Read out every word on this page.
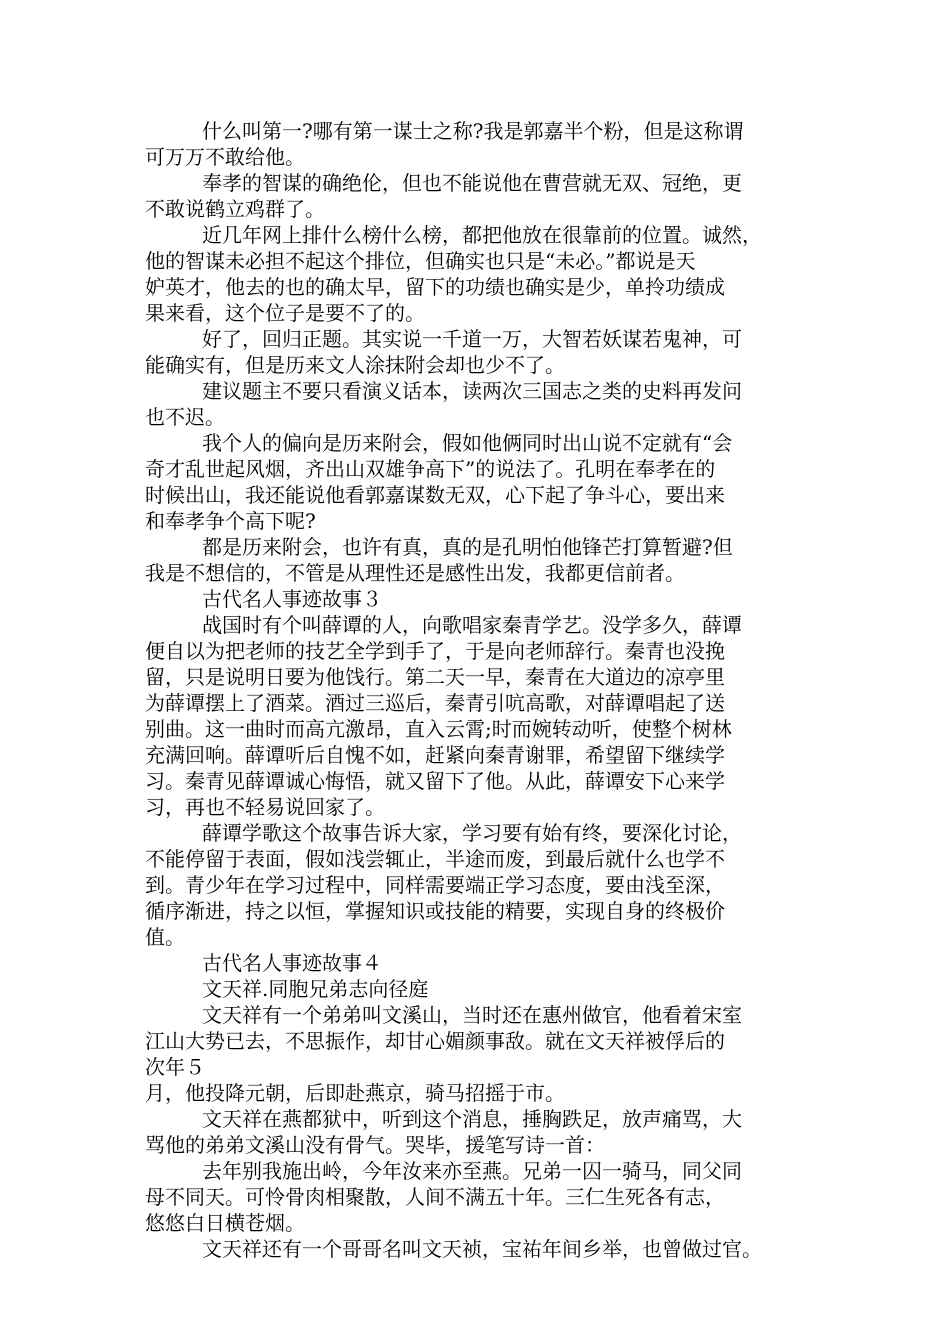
什么叫第一?哪有第一谋士之称?我是郭嘉半个粉，但是这称谓
可万万不敢给他。
奉孝的智谋的确绝伦，但也不能说他在曹营就无双、冠绝，更
不敢说鹤立鸡群了。
近几年网上排什么榜什么榜，都把他放在很靠前的位置。诚然，
他的智谋未必担不起这个排位，但确实也只是“未必。”都说是天
妒英才，他去的也的确太早，留下的功绩也确实是少，单拎功绩成
果来看，这个位子是要不了的。
好了，回归正题。其实说一千道一万，大智若妖谋若鬼神，可
能确实有，但是历来文人涂抹附会却也少不了。
建议题主不要只看演义话本，读两次三国志之类的史料再发问
也不迟。
我个人的偏向是历来附会，假如他俩同时出山说不定就有“会
奇才乱世起风烟，齐出山双雄争高下”的说法了。孔明在奉孝在的
时候出山，我还能说他看郭嘉谋数无双，心下起了争斗心，要出来
和奉孝争个高下呢?
都是历来附会，也许有真，真的是孔明怕他锋芒打算暂避?但
我是不想信的，不管是从理性还是感性出发，我都更信前者。
古代名人事迹故事３
战国时有个叫薛谭的人，向歌唱家秦青学艺。没学多久，薛谭
便自以为把老师的技艺全学到手了，于是向老师辞行。秦青也没挽
留，只是说明日要为他饯行。第二天一早，秦青在大道边的凉亭里
为薛谭摆上了酒菜。酒过三巡后，秦青引吭高歌，对薛谭唱起了送
别曲。这一曲时而高亢激昂，直入云霄;时而婉转动听，使整个树林
充满回响。薛谭听后自愧不如，赶紧向秦青谢罪，希望留下继续学
习。秦青见薛谭诚心悔悟，就又留下了他。从此，薛谭安下心来学
习，再也不轻易说回家了。
薛谭学歌这个故事告诉大家，学习要有始有终，要深化讨论，
不能停留于表面，假如浅尝辄止，半途而废，到最后就什么也学不
到。青少年在学习过程中，同样需要端正学习态度，要由浅至深，
循序渐进，持之以恒，掌握知识或技能的精要，实现自身的终极价
值。
古代名人事迹故事４
文天祥.同胞兄弟志向径庭
文天祥有一个弟弟叫文溪山，当时还在惠州做官，他看着宋室
江山大势已去，不思振作，却甘心媚颜事敌。就在文天祥被俘后的
次年５
月，他投降元朝，后即赴燕京，骑马招摇于市。
文天祥在燕都狱中，听到这个消息，捶胸跌足，放声痛骂，大
骂他的弟弟文溪山没有骨气。哭毕，援笔写诗一首：
去年别我施出岭，今年汝来亦至燕。兄弟一囚一骑马，同父同
母不同天。可怜骨肉相聚散，人间不满五十年。三仁生死各有志，
悠悠白日横苍烟。
文天祥还有一个哥哥名叫文天祯，宝祐年间乡举，也曾做过官。
